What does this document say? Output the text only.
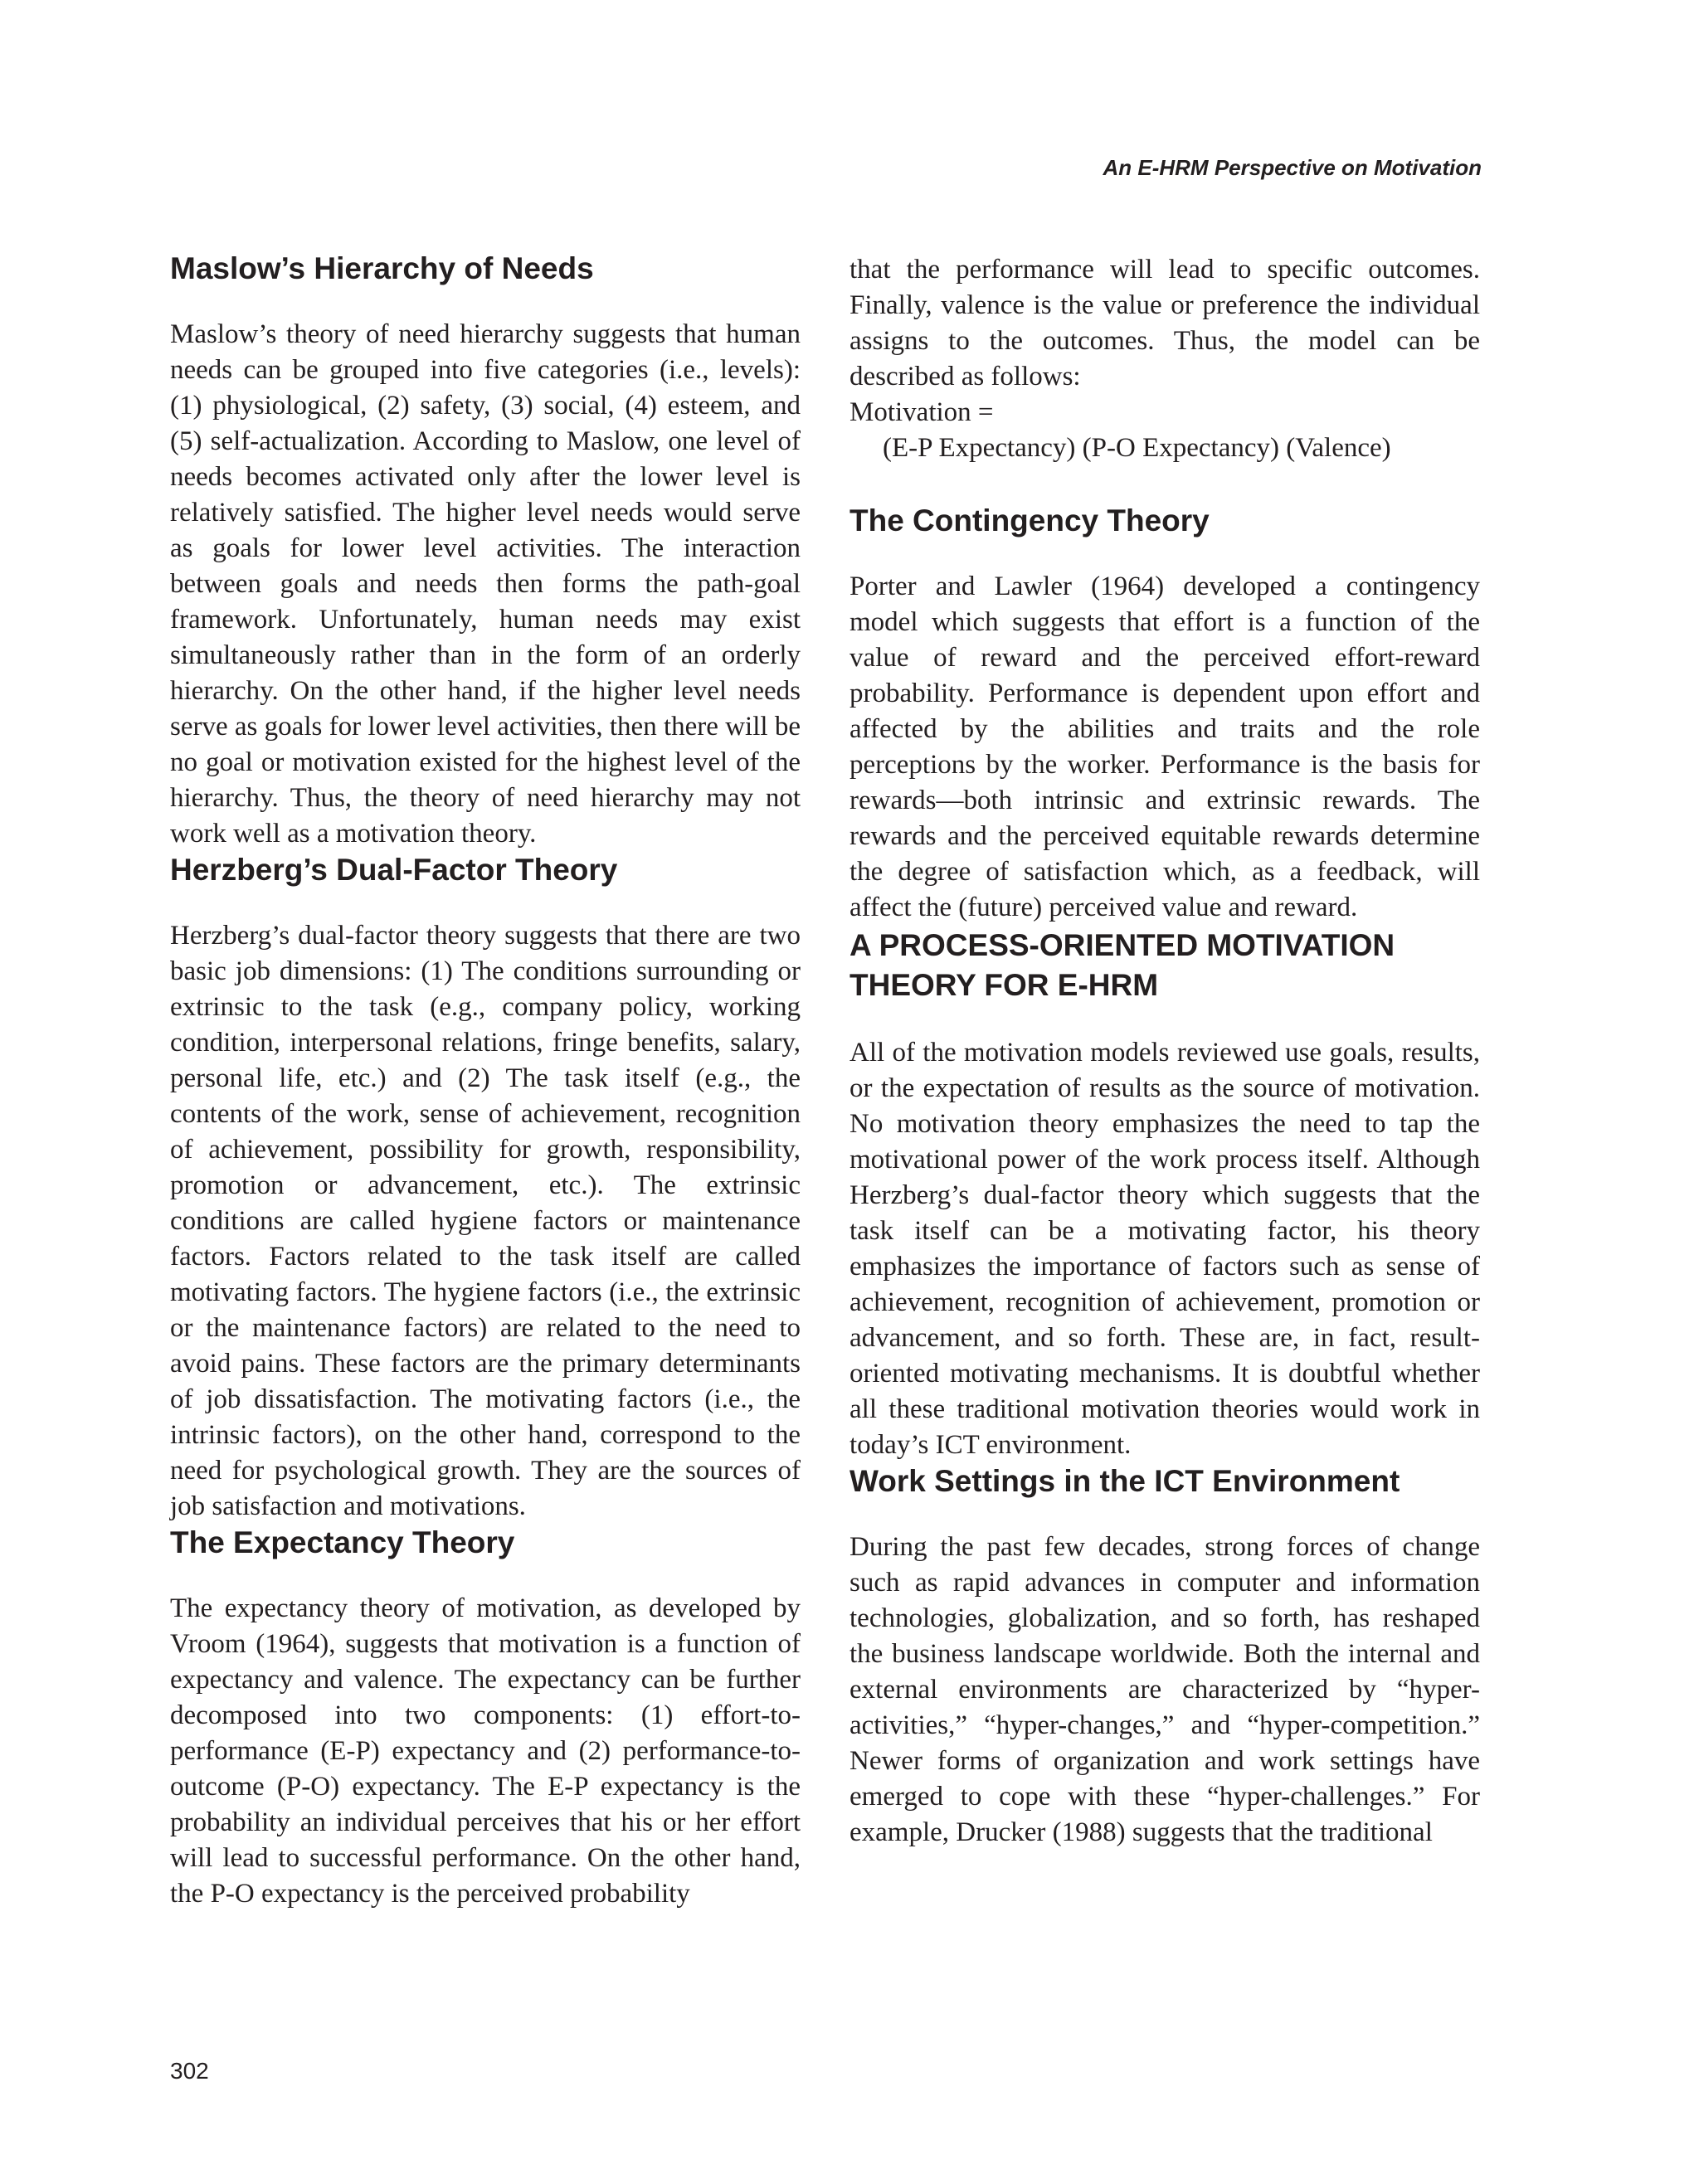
An E-HRM Perspective on Motivation

Maslow’s Hierarchy of Needs

Maslow’s theory of need hierarchy suggests that human needs can be grouped into five categories (i.e., levels): (1) physiological, (2) safety, (3) social, (4) esteem, and (5) self-actualization. According to Maslow, one level of needs becomes activated only after the lower level is relatively satisfied. The higher level needs would serve as goals for lower level activities. The interaction between goals and needs then forms the path-goal framework. Unfortunately, human needs may exist simultaneously rather than in the form of an orderly hierarchy. On the other hand, if the higher level needs serve as goals for lower level activities, then there will be no goal or motivation existed for the highest level of the hierarchy. Thus, the theory of need hierarchy may not work well as a motivation theory.

Herzberg’s Dual-Factor Theory

Herzberg’s dual-factor theory suggests that there are two basic job dimensions: (1) The conditions surrounding or extrinsic to the task (e.g., company policy, working condition, interpersonal relations, fringe benefits, salary, personal life, etc.) and (2) The task itself (e.g., the contents of the work, sense of achievement, recognition of achievement, possibility for growth, responsibility, promotion or advancement, etc.). The extrinsic conditions are called hygiene factors or maintenance factors. Factors related to the task itself are called motivating factors. The hygiene factors (i.e., the extrinsic or the maintenance factors) are related to the need to avoid pains. These factors are the primary determinants of job dissatisfaction. The motivating factors (i.e., the intrinsic factors), on the other hand, correspond to the need for psychological growth. They are the sources of job satisfaction and motivations.

The Expectancy Theory

The expectancy theory of motivation, as developed by Vroom (1964), suggests that motivation is a function of expectancy and valence. The expectancy can be further decomposed into two components: (1) effort-to-performance (E-P) expectancy and (2) performance-to-outcome (P-O) expectancy. The E-P expectancy is the probability an individual perceives that his or her effort will lead to successful performance. On the other hand, the P-O expectancy is the perceived probability

that the performance will lead to specific outcomes. Finally, valence is the value or preference the individual assigns to the outcomes. Thus, the model can be described as follows:

Motivation =
(E-P Expectancy) (P-O Expectancy) (Valence)
The Contingency Theory

Porter and Lawler (1964) developed a contingency model which suggests that effort is a function of the value of reward and the perceived effort-reward probability. Performance is dependent upon effort and affected by the abilities and traits and the role perceptions by the worker. Performance is the basis for rewards—both intrinsic and extrinsic rewards. The rewards and the perceived equitable rewards determine the degree of satisfaction which, as a feedback, will affect the (future) perceived value and reward.

A PROCESS-ORIENTED MOTIVATION
THEORY FOR E-HRM

All of the motivation models reviewed use goals, results, or the expectation of results as the source of motivation. No motivation theory emphasizes the need to tap the motivational power of the work process itself. Although Herzberg’s dual-factor theory which suggests that the task itself can be a motivating factor, his theory emphasizes the importance of factors such as sense of achievement, recognition of achievement, promotion or advancement, and so forth. These are, in fact, result-oriented motivating mechanisms. It is doubtful whether all these traditional motivation theories would work in today’s ICT environment.

Work Settings in the ICT Environment

During the past few decades, strong forces of change such as rapid advances in computer and information technologies, globalization, and so forth, has reshaped the business landscape worldwide. Both the internal and external environments are characterized by “hyper-activities,” “hyper-changes,” and “hyper-competition.” Newer forms of organization and work settings have emerged to cope with these “hyper-challenges.” For example, Drucker (1988) suggests that the traditional

302
